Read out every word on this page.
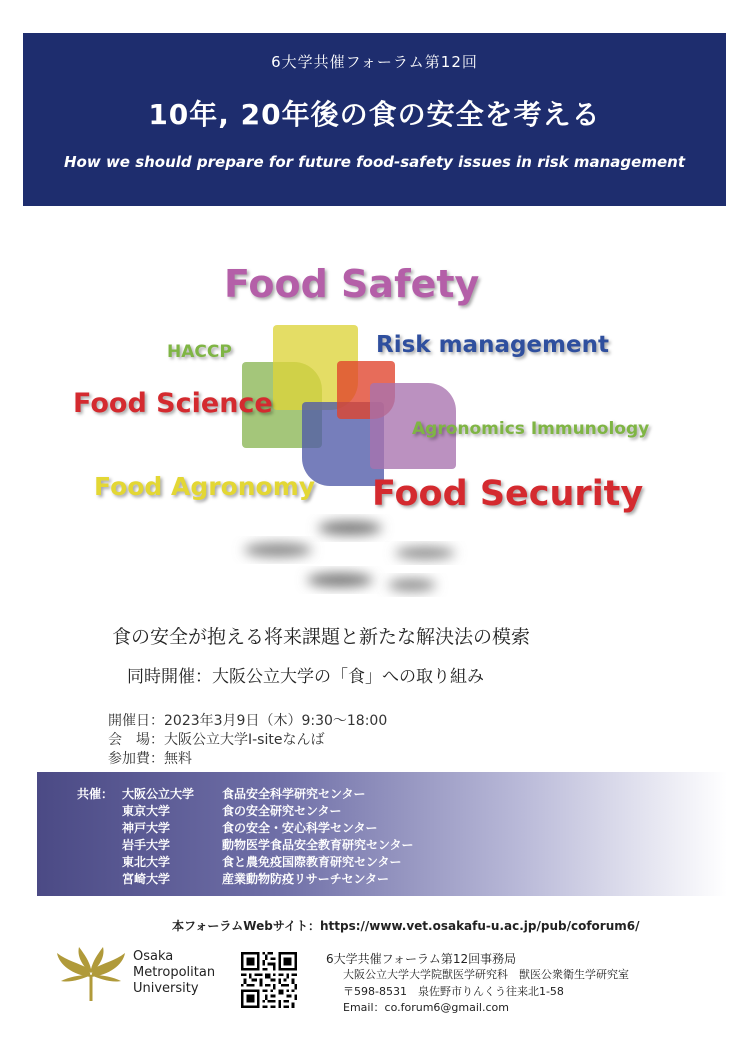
6大学共催フォーラム第12回
10年, 20年後の食の安全を考える
How we should prepare for future food-safety issues in risk management
Food Safety
HACCP	Risk management
Food Science
Agronomics Immunology
Food Agronomy Food Security
食の安全が抱える将来課題と新たな解決法の模索
同時開催：大阪公立大学の「食」への取り組み
開催日：2023年3月9日（木）9:30〜18:00
会　場：大阪公立大学I-siteなんば
参加費：無料
共催： 大阪公立大学 食品安全科学研究センター
東京大学	食の安全研究センター
神戸大学	食の安全・安心科学センター
岩手大学	動物医学食品安全教育研究センター
東北大学	食と農免疫国際教育研究センター
宮崎大学	産業動物防疫リサーチセンター
本フォーラムWebサイト：https://www.vet.osakafu-u.ac.jp/pub/coforum6/
Osaka
Metropolitan
University
6大学共催フォーラム第12回事務局
大阪公立大学大学院獣医学研究科　獣医公衆衛生学研究室
〒598-8531　泉佐野市りんくう往来北1-58
Email：co.forum6@gmail.com
